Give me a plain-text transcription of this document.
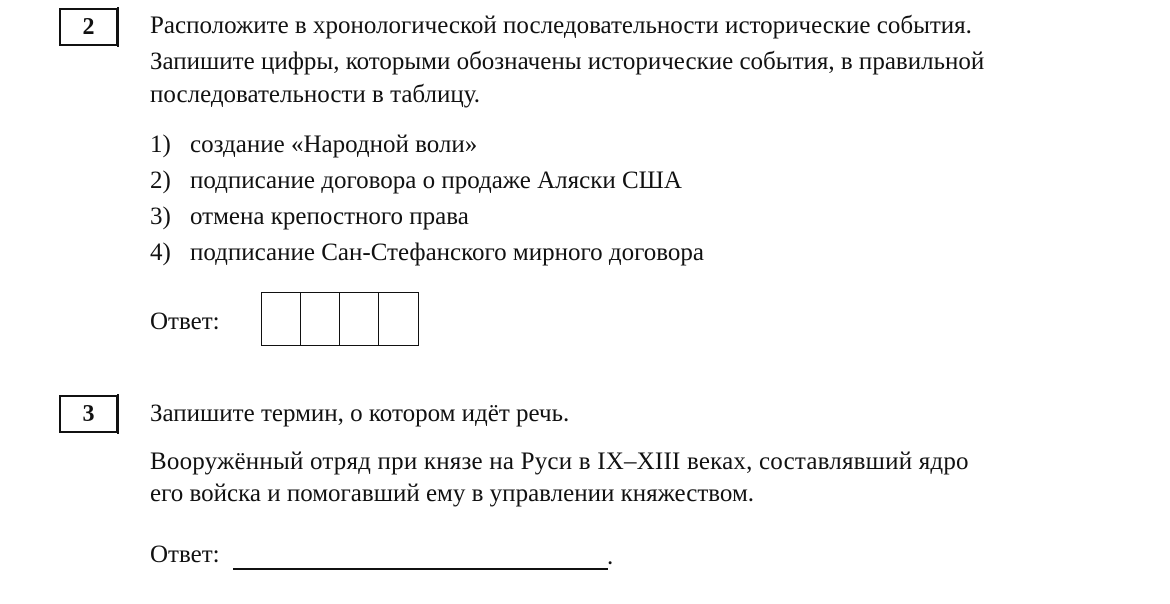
2 Расположите в хронологической последовательности исторические события.
Запишите цифры, которыми обозначены исторические события, в правильной
последовательности в таблицу.
1) создание «Народной воли»
2) подписание договора о продаже Аляски США
3) отмена крепостного права
4) подписание Сан-Стефанского мирного договора
Ответ:
3 Запишите термин, о котором идёт речь.
Вооружённый отряд при князе на Руси в IX–XIII веках, составлявший ядро
его войска и помогавший ему в управлении княжеством.
Ответ:	.
